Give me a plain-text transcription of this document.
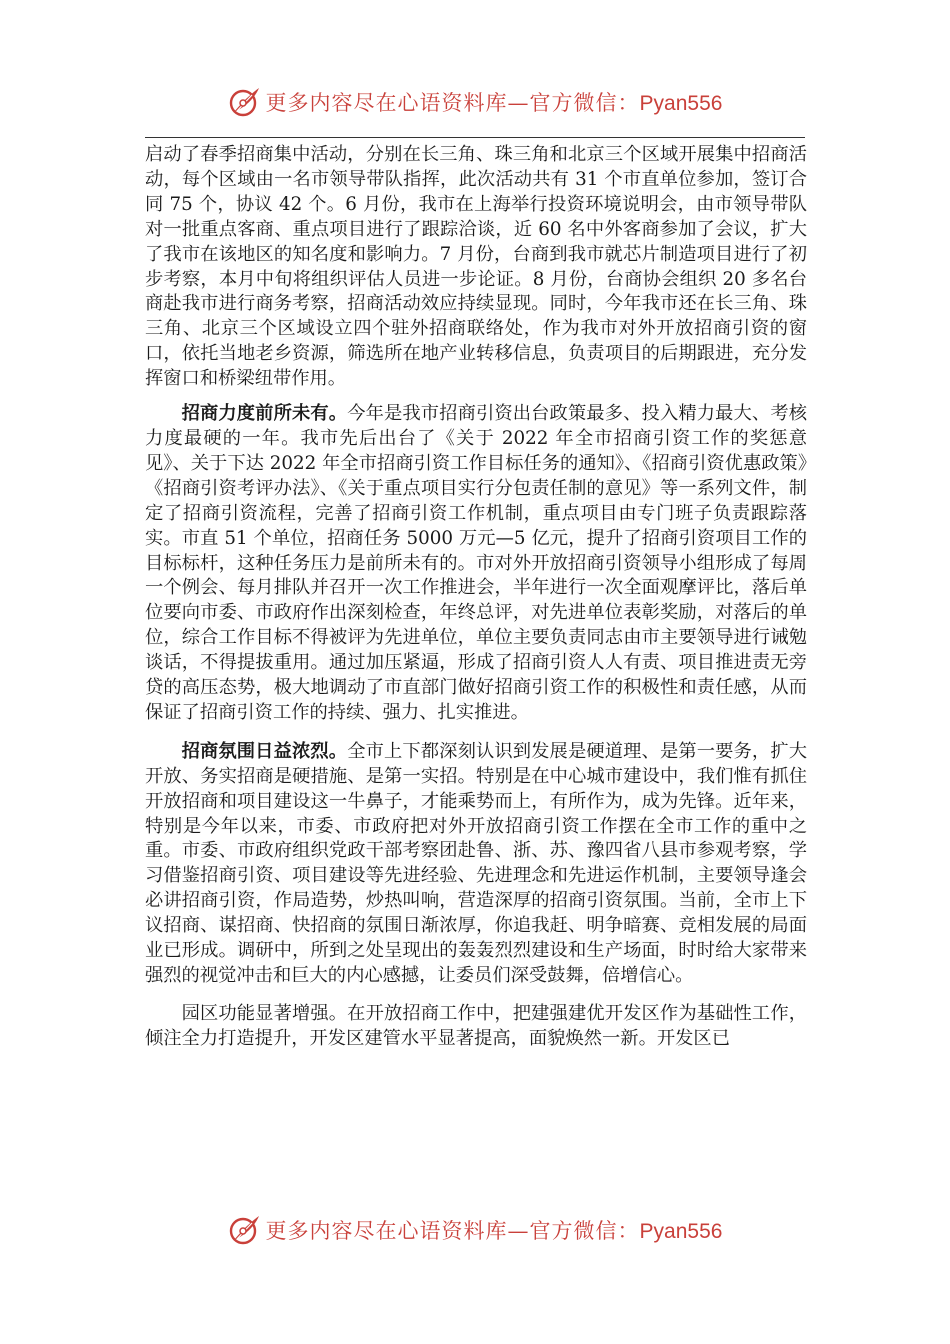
更多内容尽在心语资料库—官方微信：Pyan556

启动了春季招商集中活动，分别在长三角、珠三角和北京三个区域开展集中招商活动，每个区域由一名市领导带队指挥，此次活动共有 31 个市直单位参加，签订合同 75 个，协议 42 个。6 月份，我市在上海举行投资环境说明会，由市领导带队对一批重点客商、重点项目进行了跟踪洽谈，近 60 名中外客商参加了会议，扩大了我市在该地区的知名度和影响力。7 月份，台商到我市就芯片制造项目进行了初步考察，本月中旬将组织评估人员进一步论证。8 月份，台商协会组织 20 多名台商赴我市进行商务考察，招商活动效应持续显现。同时，今年我市还在长三角、珠三角、北京三个区域设立四个驻外招商联络处，作为我市对外开放招商引资的窗口，依托当地老乡资源，筛选所在地产业转移信息，负责项目的后期跟进，充分发挥窗口和桥梁纽带作用。

招商力度前所未有。今年是我市招商引资出台政策最多、投入精力最大、考核力度最硬的一年。我市先后出台了《关于 2022 年全市招商引资工作的奖惩意见》、关于下达 2022 年全市招商引资工作目标任务的通知》、《招商引资优惠政策》《招商引资考评办法》、《关于重点项目实行分包责任制的意见》等一系列文件，制定了招商引资流程，完善了招商引资工作机制，重点项目由专门班子负责跟踪落实。市直 51 个单位，招商任务 5000 万元—5 亿元，提升了招商引资项目工作的目标标杆，这种任务压力是前所未有的。市对外开放招商引资领导小组形成了每周一个例会、每月排队并召开一次工作推进会，半年进行一次全面观摩评比，落后单位要向市委、市政府作出深刻检查，年终总评，对先进单位表彰奖励，对落后的单位，综合工作目标不得被评为先进单位，单位主要负责同志由市主要领导进行诫勉谈话，不得提拔重用。通过加压紧逼，形成了招商引资人人有责、项目推进责无旁贷的高压态势，极大地调动了市直部门做好招商引资工作的积极性和责任感，从而保证了招商引资工作的持续、强力、扎实推进。

招商氛围日益浓烈。全市上下都深刻认识到发展是硬道理、是第一要务，扩大开放、务实招商是硬措施、是第一实招。特别是在中心城市建设中，我们惟有抓住开放招商和项目建设这一牛鼻子，才能乘势而上，有所作为，成为先锋。近年来，特别是今年以来，市委、市政府把对外开放招商引资工作摆在全市工作的重中之重。市委、市政府组织党政干部考察团赴鲁、浙、苏、豫四省八县市参观考察，学习借鉴招商引资、项目建设等先进经验、先进理念和先进运作机制，主要领导逢会必讲招商引资，作局造势，炒热叫响，营造深厚的招商引资氛围。当前，全市上下议招商、谋招商、快招商的氛围日渐浓厚，你追我赶、明争暗赛、竞相发展的局面业已形成。调研中，所到之处呈现出的轰轰烈烈建设和生产场面，时时给大家带来强烈的视觉冲击和巨大的内心感撼，让委员们深受鼓舞，倍增信心。

园区功能显著增强。在开放招商工作中，把建强建优开发区作为基础性工作，倾注全力打造提升，开发区建管水平显著提高，面貌焕然一新。开发区已

更多内容尽在心语资料库—官方微信：Pyan556
